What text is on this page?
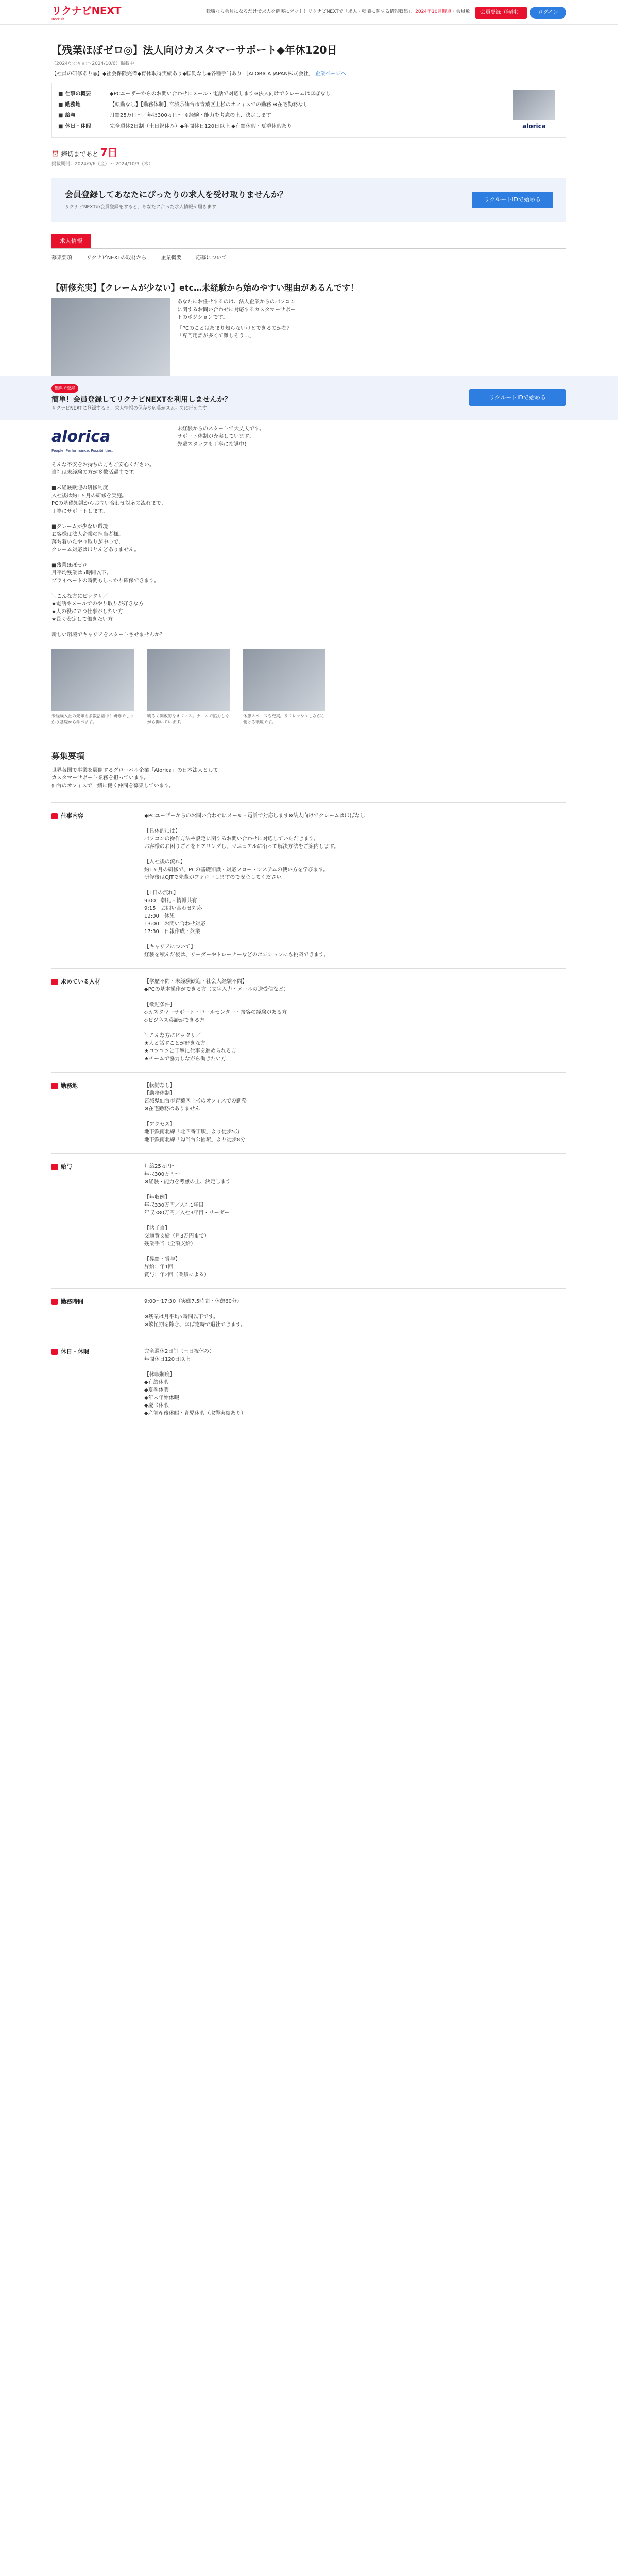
リクナビNEXT
Recruit
転職なら会員になるだけで求人を確実にゲット！リクナビNEXTで「求人・転職に関する情報収集」、2024年10月時点・会員数	会員登録（無料）	ログイン
【残業ほぼゼロ◎】法人向けカスタマーサポート◆年休120日
（2024/○○/○○〜2024/10/6）掲載中
【社員の研修あり◎】◆社会保険完備◆育休取得実績あり◆転勤なし◆各種手当あり ［ALORICA JAPAN株式会社］ 企業ページへ
■ 仕事の概要	◆PCユーザーからのお問い合わせにメール・電話で対応します※法人向けでクレームはほぼなし
■ 勤務地	【転勤なし】【勤務体制】宮城県仙台市青葉区上杉のオフィスでの勤務 ※在宅勤務なし
■ 給与	月給25万円〜／年収300万円〜 ※経験・能力を考慮の上、決定します
■ 休日・休暇	完全週休2日制（土日祝休み）◆年間休日120日以上 ◆有給休暇・夏季休暇あり	alorica
⏰ 締切まであと 7日
掲載期間：2024/9/6（金）〜 2024/10/3（木）
会員登録してあなたにぴったりの求人を受け取りませんか？

リクナビNEXTの会員登録をすると、あなたに合った求人情報が届きます

リクルートIDで始める
求人情報
募集要項	リクナビNEXTの取材から	企業概要	応募について
【研修充実】【クレームが少ない】etc…未経験から始めやすい理由があるんです！

あなたにお任せするのは、法人企業からのパソコンに関するお問い合わせに対応するカスタマーサポートのポジションです。

「PCのことはあまり知らないけどできるのかな？」「専門用語が多くて難しそう…」

無料で登録
簡単！会員登録してリクナビNEXTを利用しませんか？

リクナビNEXTに登録すると、求人情報の保存や応募がスムーズに行えます

リクルートIDで始める
alorica
People. Performance. Possibilities.
未経験からのスタートで大丈夫です。
サポート体制が充実しています。
先輩スタッフも丁寧に指導中！
そんな不安をお持ちの方もご安心ください。
当社は未経験の方が多数活躍中です。

■未経験歓迎の研修制度
入社後は約1ヶ月の研修を実施。
PCの基礎知識からお問い合わせ対応の流れまで、
丁寧にサポートします。

■クレームが少ない環境
お客様は法人企業の担当者様。
落ち着いたやり取りが中心で、
クレーム対応はほとんどありません。

■残業ほぼゼロ
月平均残業は5時間以下。
プライベートの時間もしっかり確保できます。

＼こんな方にピッタリ／
★電話やメールでのやり取りが好きな方
★人の役に立つ仕事がしたい方
★長く安定して働きたい方

新しい環境でキャリアをスタートさせませんか？

未経験入社の先輩も多数活躍中！研修でしっかり基礎から学べます。

明るく開放的なオフィス。チームで協力しながら働いています。

休憩スペースも充実。リフレッシュしながら働ける環境です。

募集要項
世界各国で事業を展開するグローバル企業「Alorica」の日本法人として
カスタマーサポート業務を担っています。
仙台のオフィスで一緒に働く仲間を募集しています。
仕事内容	◆PCユーザーからのお問い合わせにメール・電話で対応します※法人向けでクレームはほぼなし

【具体的には】
パソコンの操作方法や設定に関するお問い合わせに対応していただきます。
お客様のお困りごとをヒアリングし、マニュアルに沿って解決方法をご案内します。

【入社後の流れ】
約1ヶ月の研修で、PCの基礎知識・対応フロー・システムの使い方を学びます。
研修後はOJTで先輩がフォローしますので安心してください。

【1日の流れ】
9:00　朝礼・情報共有
9:15　お問い合わせ対応
12:00　休憩
13:00　お問い合わせ対応
17:30　日報作成・終業

【キャリアについて】
経験を積んだ後は、リーダーやトレーナーなどのポジションにも挑戦できます。
求めている人材	【学歴不問・未経験歓迎・社会人経験不問】
◆PCの基本操作ができる方（文字入力・メールの送受信など）

【歓迎条件】
◇カスタマーサポート・コールセンター・接客の経験がある方
◇ビジネス英語ができる方

＼こんな方にピッタリ／
★人と話すことが好きな方
★コツコツと丁寧に仕事を進められる方
★チームで協力しながら働きたい方
勤務地	【転勤なし】
【勤務体制】
宮城県仙台市青葉区上杉のオフィスでの勤務
※在宅勤務はありません

【アクセス】
地下鉄南北線「北四番丁駅」より徒歩5分
地下鉄南北線「勾当台公園駅」より徒歩8分
給与	月給25万円〜
年収300万円〜
※経験・能力を考慮の上、決定します

【年収例】
年収330万円／入社1年目
年収380万円／入社3年目・リーダー

【諸手当】
交通費支給（月3万円まで）
残業手当（全額支給）

【昇給・賞与】
昇給：年1回
賞与：年2回（業績による）
勤務時間	9:00〜17:30（実働7.5時間・休憩60分）

※残業は月平均5時間以下です。
※繁忙期を除き、ほぼ定時で退社できます。
休日・休暇	完全週休2日制（土日祝休み）
年間休日120日以上

【休暇制度】
◆有給休暇
◆夏季休暇
◆年末年始休暇
◆慶弔休暇
◆産前産後休暇・育児休暇（取得実績あり）
